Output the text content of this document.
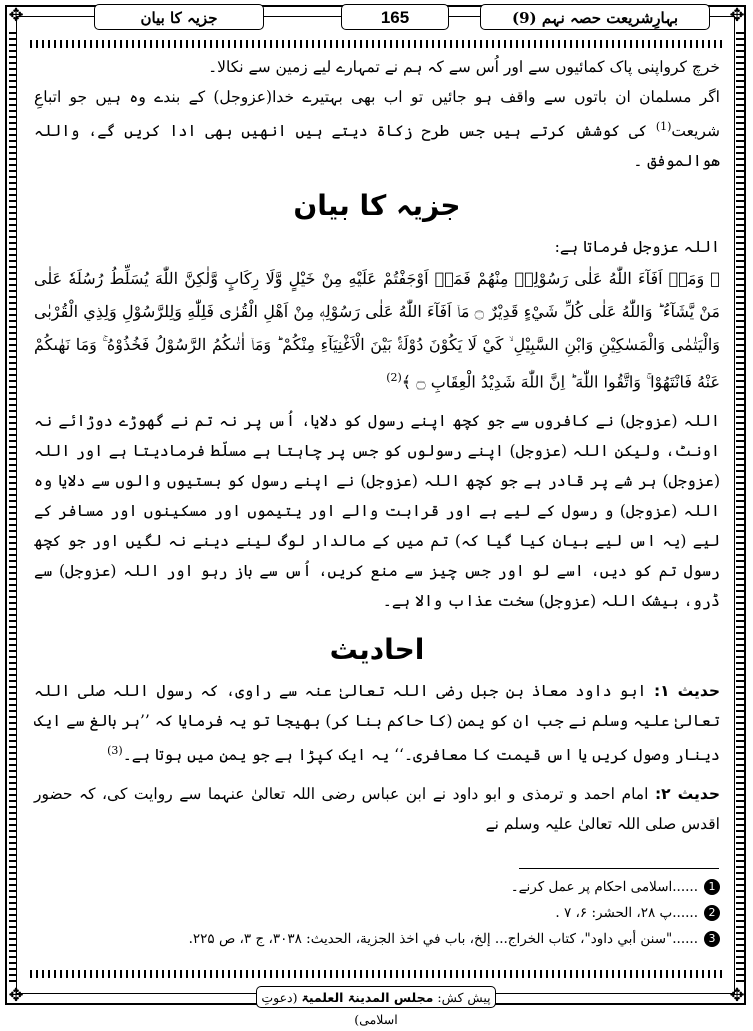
✥	✥
✥	✥
بہارِشریعت حصہ نہم (9)
165
جزیہ کا بیان

خرچ کرواپنی پاک کمائیوں سے اور اُس سے کہ ہم نے تمہارے لیے زمین سے نکالا۔

اگر مسلمان ان باتوں سے واقف ہو جائیں تو اب بھی بہتیرے خدا(عزوجل) کے بندے وہ ہیں جو اتباعِ شریعت$^{(1)}$ کی کوشش کرتے ہیں جس طرح زکاۃ دیتے ہیں انھیں بھی ادا کریں گے، واللہ ھوالموفق ۔

جزیہ کا بیان

اللہ عزوجل فرماتا ہے:

﴿ وَمَاۤ اَفَآءَ اللّٰهُ عَلٰى رَسُوْلِهٖ مِنْهُمْ فَمَاۤ اَوْجَفْتُمْ عَلَيْهِ مِنْ خَيْلٍ وَّلَا رِكَابٍ وَّلٰكِنَّ اللّٰهَ يُسَلِّطُ رُسُلَهٗ عَلٰى مَنْ يَّشَآءُ ؕ وَاللّٰهُ عَلٰى كُلِّ شَيْءٍ قَدِيْرٌ ۝ مَاۤ اَفَآءَ اللّٰهُ عَلٰى رَسُوْلِهٖ مِنْ اَهْلِ الْقُرٰى فَلِلّٰهِ وَلِلرَّسُوْلِ وَلِذِي الْقُرْبٰى وَالْيَتٰمٰى وَالْمَسٰكِيْنِ وَابْنِ السَّبِيْلِ ۙ كَيْ لَا يَكُوْنَ دُوْلَةًۢ بَيْنَ الْاَغْنِيَآءِ مِنْكُمْ ؕ وَمَاۤ اٰتٰىكُمُ الرَّسُوْلُ فَخُذُوْهُ ۚ وَمَا نَهٰىكُمْ عَنْهُ فَانْتَهُوْا ۚ وَاتَّقُوا اللّٰهَ ؕ اِنَّ اللّٰهَ شَدِيْدُ الْعِقَابِ ۝ ﴾$^{(2)}$

اللہ (عزوجل) نے کافروں سے جو کچھ اپنے رسول کو دلایا، اُس پر نہ تم نے گھوڑے دوڑائے نہ اونٹ، ولیکن اللہ (عزوجل) اپنے رسولوں کو جس پر چاہتا ہے مسلّط فرمادیتا ہے اور اللہ (عزوجل) ہر شے پر قادر ہے جو کچھ اللہ (عزوجل) نے اپنے رسول کو بستیوں والوں سے دلایا وہ اللہ (عزوجل) و رسول کے لیے ہے اور قرابت والے اور یتیموں اور مسکینوں اور مسافر کے لیے (یہ اس لیے بیان کیا گیا کہ) تم میں کے مالدار لوگ لینے دینے نہ لگیں اور جو کچھ رسول تم کو دیں، اسے لو اور جس چیز سے منع کریں، اُس سے باز رہو اور اللہ (عزوجل) سے ڈرو، بیشک اللہ (عزوجل) سخت عذاب والا ہے۔

احادیث

حدیث ۱: ابو داود معاذ بن جبل رضی اللہ تعالیٰ عنہ سے راوی، کہ رسول اللہ صلی اللہ تعالیٰ علیہ وسلم نے جب ان کو یمن (کا حاکم بنا کر) بھیجا تو یہ فرمایا کہ ’’ہر بالغ سے ایک دینار وصول کریں یا اس قیمت کا معافری۔‘‘ یہ ایک کپڑا ہے جو یمن میں ہوتا ہے۔$^{(3)}$

حدیث ۲: امام احمد و ترمذی و ابو داود نے ابن عباس رضی اللہ تعالیٰ عنہما سے روایت کی، کہ حضور اقدس صلی اللہ تعالیٰ علیہ وسلم نے

1
......اسلامی احکام پر عمل کرنے۔
2
......پ ۲۸، الحشر: ۶، ۷ .
3
......"سنن أبي داود"، كتاب الخراج... إلخ، باب في اخذ الجزية، الحديث: ۳۰۳۸، ج ۳، ص ۲۲۵.
پیش کش: مجلس المدینۃ العلمیۃ (دعوتِ اسلامی)
